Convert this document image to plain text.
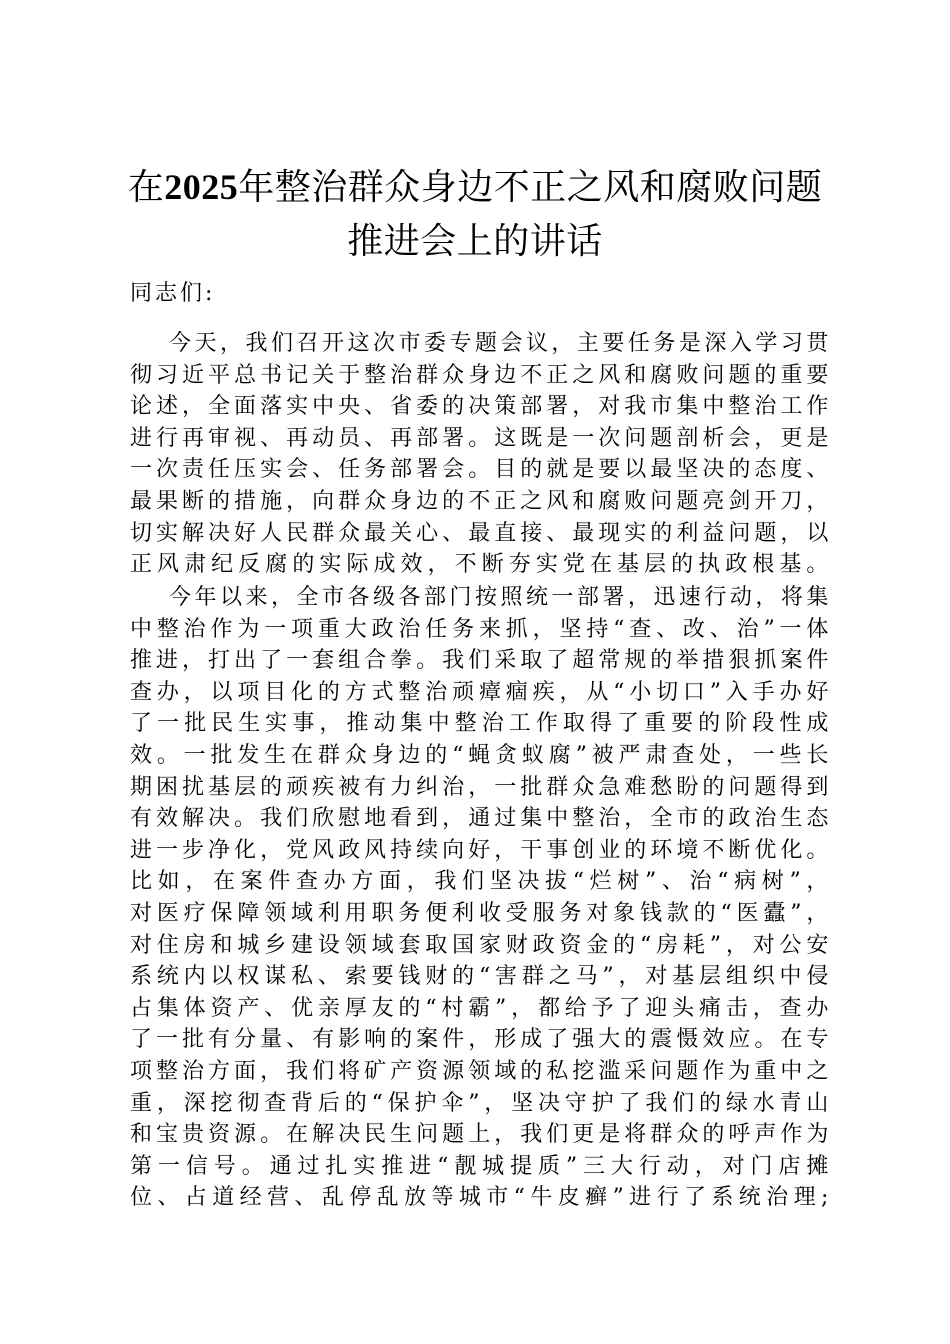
在2025年整治群众身边不正之风和腐败问题
推进会上的讲话
同志们:
今天，我们召开这次市委专题会议，主要任务是深入学习贯
彻习近平总书记关于整治群众身边不正之风和腐败问题的重要
论述，全面落实中央、省委的决策部署，对我市集中整治工作
进行再审视、再动员、再部署。这既是一次问题剖析会，更是
一次责任压实会、任务部署会。目的就是要以最坚决的态度、
最果断的措施，向群众身边的不正之风和腐败问题亮剑开刀，
切实解决好人民群众最关心、最直接、最现实的利益问题，以
正风肃纪反腐的实际成效，不断夯实党在基层的执政根基。
今年以来，全市各级各部门按照统一部署，迅速行动，将集
中整治作为一项重大政治任务来抓，坚持“查、改、治”一体
推进，打出了一套组合拳。我们采取了超常规的举措狠抓案件
查办，以项目化的方式整治顽瘴痼疾，从“小切口”入手办好
了一批民生实事，推动集中整治工作取得了重要的阶段性成
效。一批发生在群众身边的“蝇贪蚁腐”被严肃查处，一些长
期困扰基层的顽疾被有力纠治，一批群众急难愁盼的问题得到
有效解决。我们欣慰地看到，通过集中整治，全市的政治生态
进一步净化，党风政风持续向好，干事创业的环境不断优化。
比如，在案件查办方面，我们坚决拔“烂树”、治“病树”，
对医疗保障领域利用职务便利收受服务对象钱款的“医蠹”，
对住房和城乡建设领域套取国家财政资金的“房耗”，对公安
系统内以权谋私、索要钱财的“害群之马”，对基层组织中侵
占集体资产、优亲厚友的“村霸”，都给予了迎头痛击，查办
了一批有分量、有影响的案件，形成了强大的震慑效应。在专
项整治方面，我们将矿产资源领域的私挖滥采问题作为重中之
重，深挖彻查背后的“保护伞”，坚决守护了我们的绿水青山
和宝贵资源。在解决民生问题上，我们更是将群众的呼声作为
第一信号。通过扎实推进“靓城提质”三大行动，对门店摊
位、占道经营、乱停乱放等城市“牛皮癣”进行了系统治理;
